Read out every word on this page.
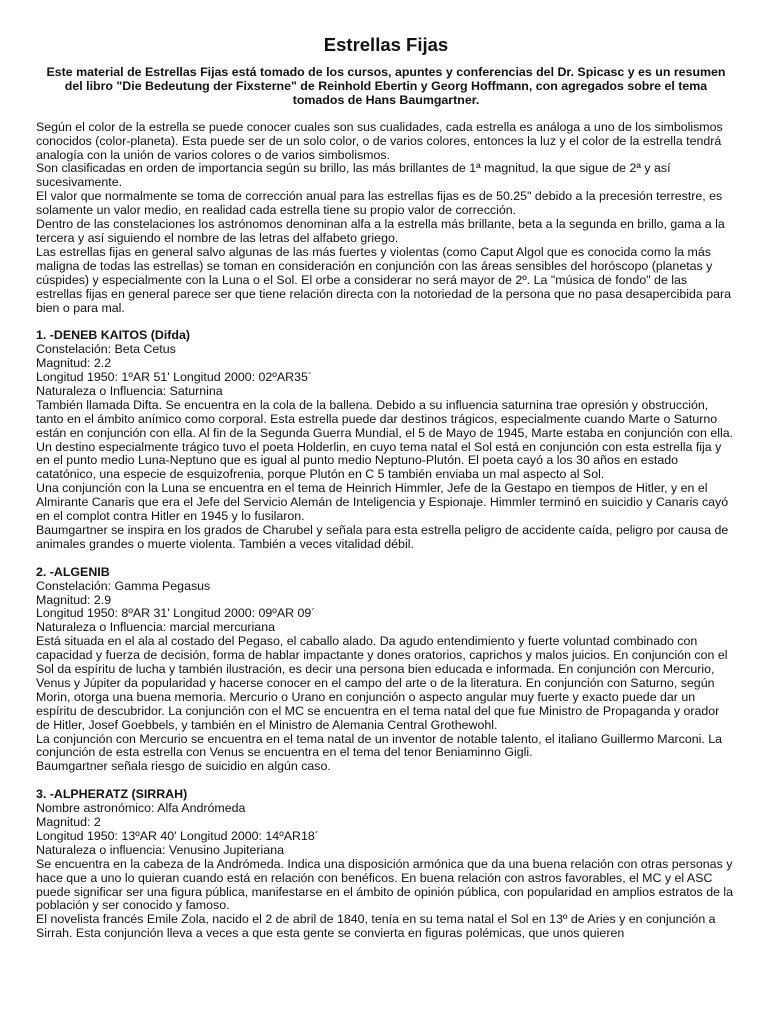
Estrellas Fijas

Este material de Estrellas Fijas está tomado de los cursos, apuntes y conferencias del Dr. Spicasc y es un resumen del libro "Die Bedeutung der Fixsterne" de Reinhold Ebertin y Georg Hoffmann, con agregados sobre el tema tomados de Hans Baumgartner.

Según el color de la estrella se puede conocer cuales son sus cualidades, cada estrella es análoga a uno de los simbolismos conocidos (color-planeta). Esta puede ser de un solo color, o de varios colores, entonces la luz y el color de la estrella tendrá analogía con la unión de varios colores o de varios simbolismos.

Son clasificadas en orden de importancia según su brillo, las más brillantes de 1ª magnitud, la que sigue de 2ª y así sucesivamente.

El valor que normalmente se toma de corrección anual para las estrellas fijas es de 50.25" debido a la precesión terrestre, es solamente un valor medio, en realidad cada estrella tiene su propio valor de corrección.

Dentro de las constelaciones los astrónomos denominan alfa a la estrella más brillante, beta a la segunda en brillo, gama a la tercera y así siguiendo el nombre de las letras del alfabeto griego.

Las estrellas fijas en general salvo algunas de las más fuertes y violentas (como Caput Algol que es conocida como la más maligna de todas las estrellas) se toman en consideración en conjunción con las áreas sensibles del horóscopo (planetas y cúspides) y especialmente con la Luna o el Sol. El orbe a considerar no será mayor de 2º. La "música de fondo" de las estrellas fijas en general parece ser que tiene relación directa con la notoriedad de la persona que no pasa desapercibida para bien o para mal.

1. -DENEB KAITOS (Difda)

Constelación: Beta Cetus

Magnitud: 2.2

Longitud 1950: 1ºAR 51' Longitud 2000: 02ºAR35´

Naturaleza o Influencia: Saturnina

También llamada Difta. Se encuentra en la cola de la ballena. Debido a su influencia saturnina trae opresión y obstrucción, tanto en el ámbito anímico como corporal. Esta estrella puede dar destinos trágicos, especialmente cuando Marte o Saturno están en conjunción con ella. Al fin de la Segunda Guerra Mundial, el 5 de Mayo de 1945, Marte estaba en conjunción con ella.

Un destino especialmente trágico tuvo el poeta Holderlin, en cuyo tema natal el Sol está en conjunción con esta estrella fija y en el punto medio Luna-Neptuno que es igual al punto medio Neptuno-Plutón. El poeta cayó a los 30 años en estado catatónico, una especie de esquizofrenia, porque Plutón en C 5 también enviaba un mal aspecto al Sol.

Una conjunción con la Luna se encuentra en el tema de Heinrich Himmler, Jefe de la Gestapo en tiempos de Hitler, y en el Almirante Canaris que era el Jefe del Servicio Alemán de Inteligencia y Espionaje. Himmler terminó en suicidio y Canaris cayó en el complot contra Hitler en 1945 y lo fusilaron.

Baumgartner se inspira en los grados de Charubel y señala para esta estrella peligro de accidente caída, peligro por causa de animales grandes o muerte violenta. También a veces vitalidad débil.

2. -ALGENIB

Constelación: Gamma Pegasus

Magnitud: 2.9

Longitud 1950: 8ºAR 31' Longitud 2000: 09ºAR 09´

Naturaleza o Influencia: marcial mercuriana

Está situada en el ala al costado del Pegaso, el caballo alado. Da agudo entendimiento y fuerte voluntad combinado con capacidad y fuerza de decisión, forma de hablar impactante y dones oratorios, caprichos y malos juicios. En conjunción con el Sol da espíritu de lucha y también ilustración, es decir una persona bien educada e informada. En conjunción con Mercurio, Venus y Júpiter da popularidad y hacerse conocer en el campo del arte o de la literatura. En conjunción con Saturno, según Morin, otorga una buena memoria. Mercurio o Urano en conjunción o aspecto angular muy fuerte y exacto puede dar un espíritu de descubridor. La conjunción con el MC se encuentra en el tema natal del que fue Ministro de Propaganda y orador de Hitler, Josef Goebbels, y también en el Ministro de Alemania Central Grothewohl.

La conjunción con Mercurio se encuentra en el tema natal de un inventor de notable talento, el italiano Guillermo Marconi. La conjunción de esta estrella con Venus se encuentra en el tema del tenor Beniaminno Gigli.

Baumgartner señala riesgo de suicidio en algún caso.

3. -ALPHERATZ (SIRRAH)

Nombre astronómico: Alfa Andrómeda

Magnitud: 2

Longitud 1950: 13ºAR 40' Longitud 2000: 14ºAR18´

Naturaleza o influencia: Venusino Jupiteriana

Se encuentra en la cabeza de la Andrómeda. Indica una disposición armónica que da una buena relación con otras personas y hace que a uno lo quieran cuando está en relación con benéficos. En buena relación con astros favorables, el MC y el ASC puede significar ser una figura pública, manifestarse en el ámbito de opinión pública, con popularidad en amplios estratos de la población y ser conocido y famoso.

El novelista francés Emile Zola, nacido el 2 de abril de 1840, tenía en su tema natal el Sol en 13º de Aries y en conjunción a Sirrah. Esta conjunción lleva a veces a que esta gente se convierta en figuras polémicas, que unos quieren
